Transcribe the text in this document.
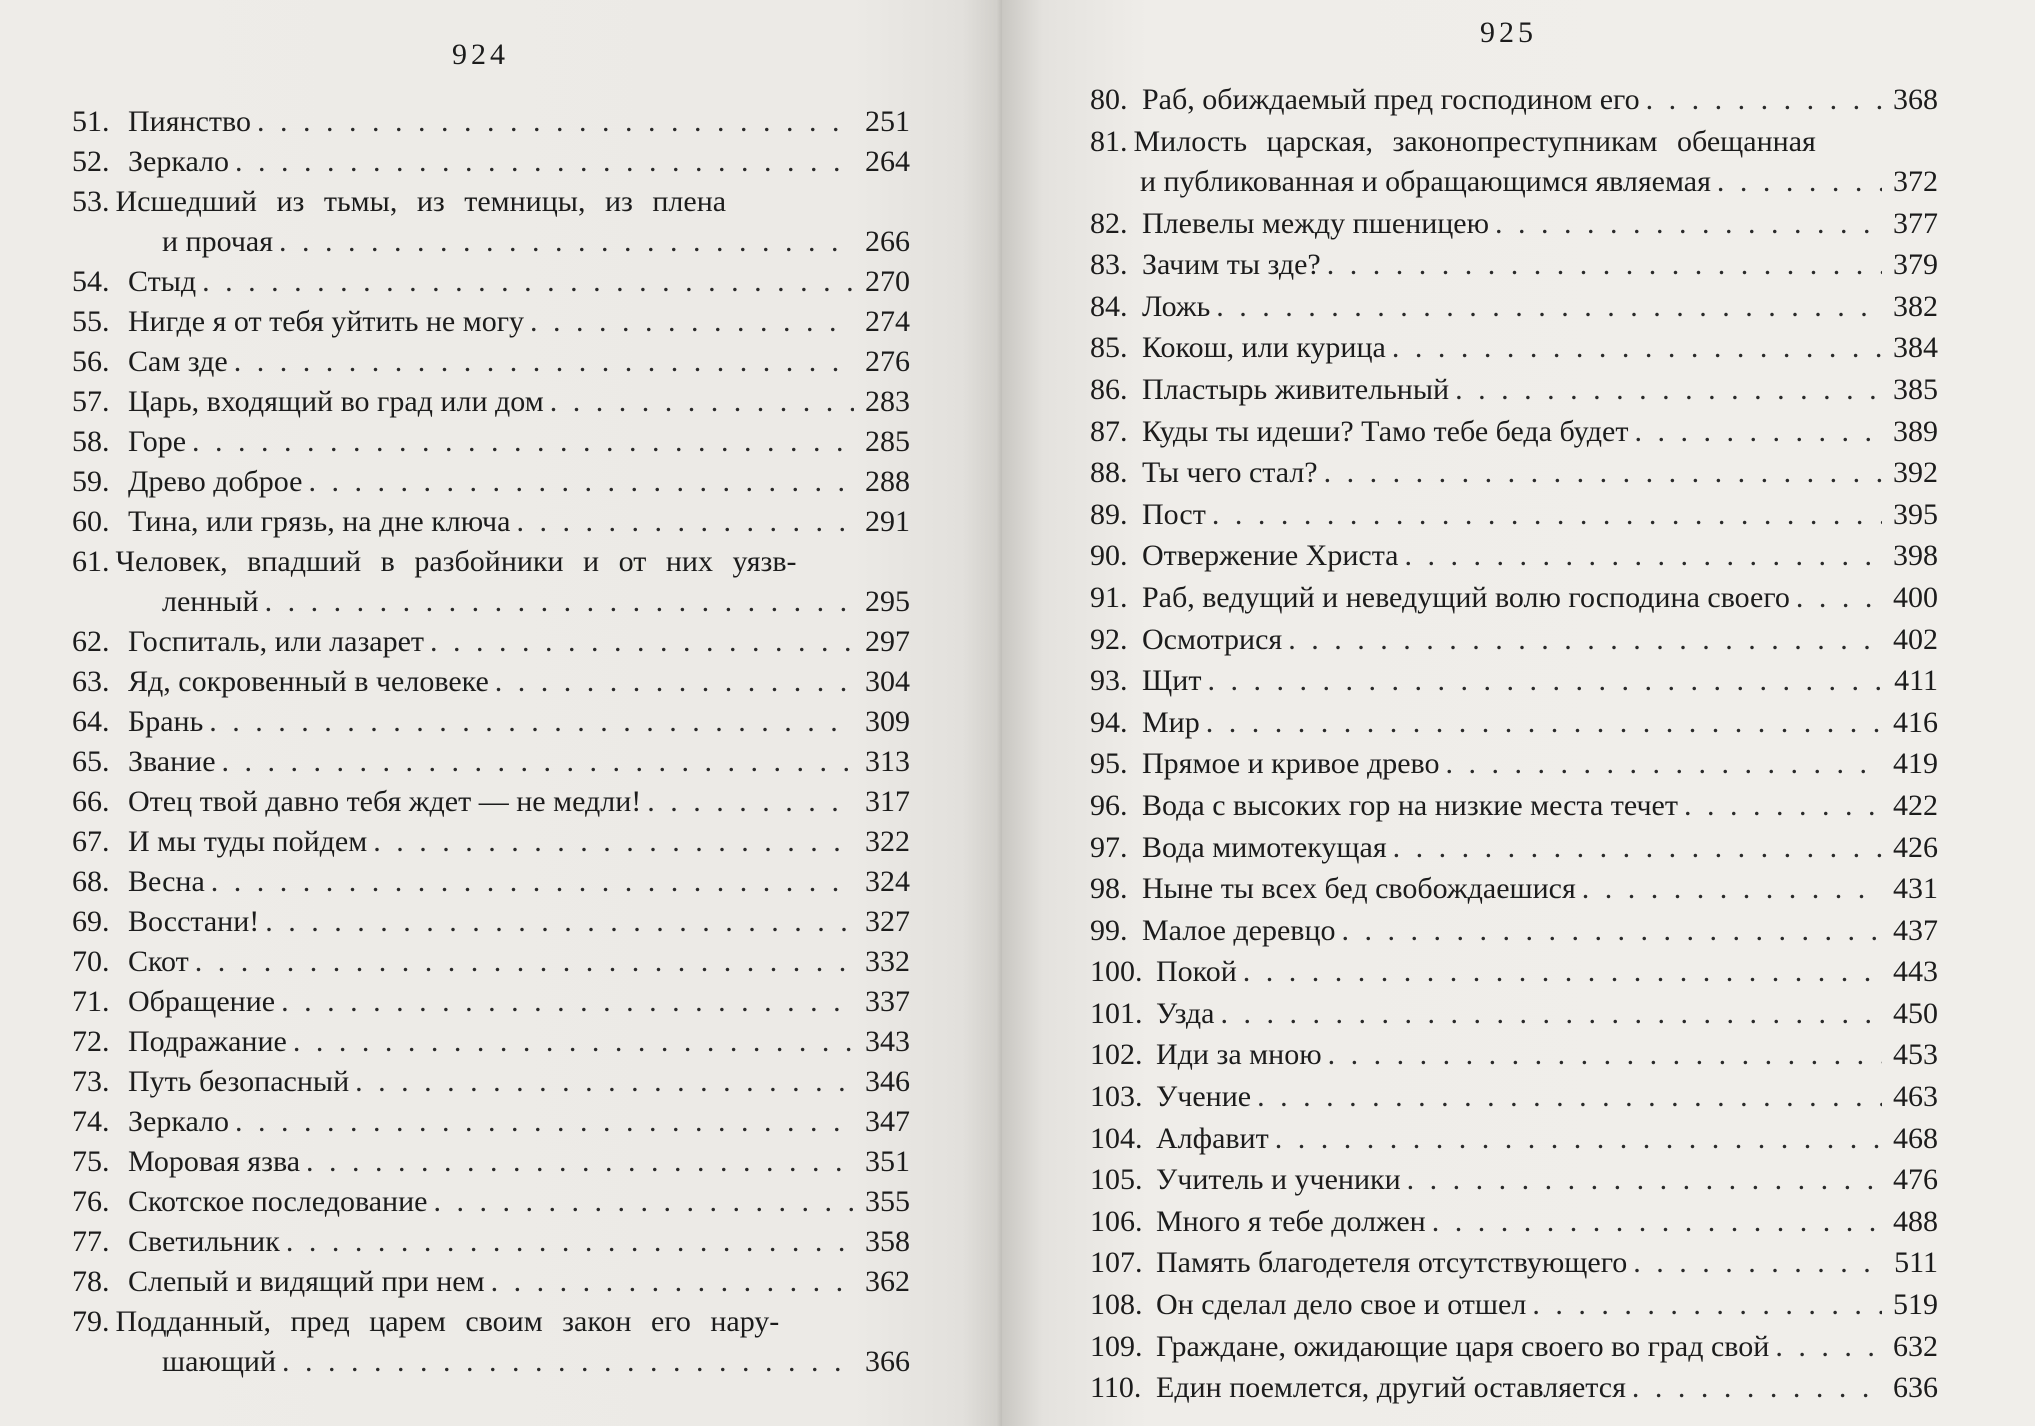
924
51. Пиянство . . .	251
52. Зеркало . . .	264
53. Исшедший из тьмы, из темницы, из плена
и прочая . . .	266
54. Стыд . . .	270
55. Нигде я от тебя уйтить не могу . . .	274
56. Сам зде . . .	276
57. Царь, входящий во град или дом . . .	283
58. Горе . . .	285
59. Древо доброе . . .	288
60. Тина, или грязь, на дне ключа . . .	291
61. Человек, впадший в разбойники и от них уязв-
ленный . . .	295
62. Госпиталь, или лазарет . . .	297
63. Яд, сокровенный в человеке . . .	304
64. Брань . . .	309
65. Звание . . .	313
66. Отец твой давно тебя ждет — не медли! . . .	317
67. И мы туды пойдем . . .	322
68. Весна . . .	324
69. Восстани! . . .	327
70. Скот . . .	332
71. Обращение . . .	337
72. Подражание . . .	343
73. Путь безопасный . . .	346
74. Зеркало . . .	347
75. Моровая язва . . .	351
76. Скотское последование . . .	355
77. Светильник . . .	358
78. Слепый и видящий при нем . . .	362
79. Подданный, пред царем своим закон его нару-
шающий . . .	366
925
80. Раб, обиждаемый пред господином его . . .	368
81. Милость царская, законопреступникам обещанная
и публикованная и обращающимся являемая . . .	372
82. Плевелы между пшеницею . . .	377
83. Зачим ты зде? . . .	379
84. Ложь . . .	382
85. Кокош, или курица . . .	384
86. Пластырь живительный . . .	385
87. Куды ты идеши? Тамо тебе беда будет . . .	389
88. Ты чего стал? . . .	392
89. Пост . . .	395
90. Отвержение Христа . . .	398
91. Раб, ведущий и неведущий волю господина своего . . .	400
92. Осмотрися . . .	402
93. Щит . . .	411
94. Мир . . .	416
95. Прямое и кривое древо . . .	419
96. Вода с высоких гор на низкие места течет . . .	422
97. Вода мимотекущая . . .	426
98. Ныне ты всех бед свобождаешися . . .	431
99. Малое деревцо . . .	437
100. Покой . . .	443
101. Узда . . .	450
102. Иди за мною . . .	453
103. Учение . . .	463
104. Алфавит . . .	468
105. Учитель и ученики . . .	476
106. Много я тебе должен . . .	488
107. Память благодетеля отсутствующего . . .	511
108. Он сделал дело свое и отшел . . .	519
109. Граждане, ожидающие царя своего во град свой . . .	632
110. Един поемлется, другий оставляется . . .	636
